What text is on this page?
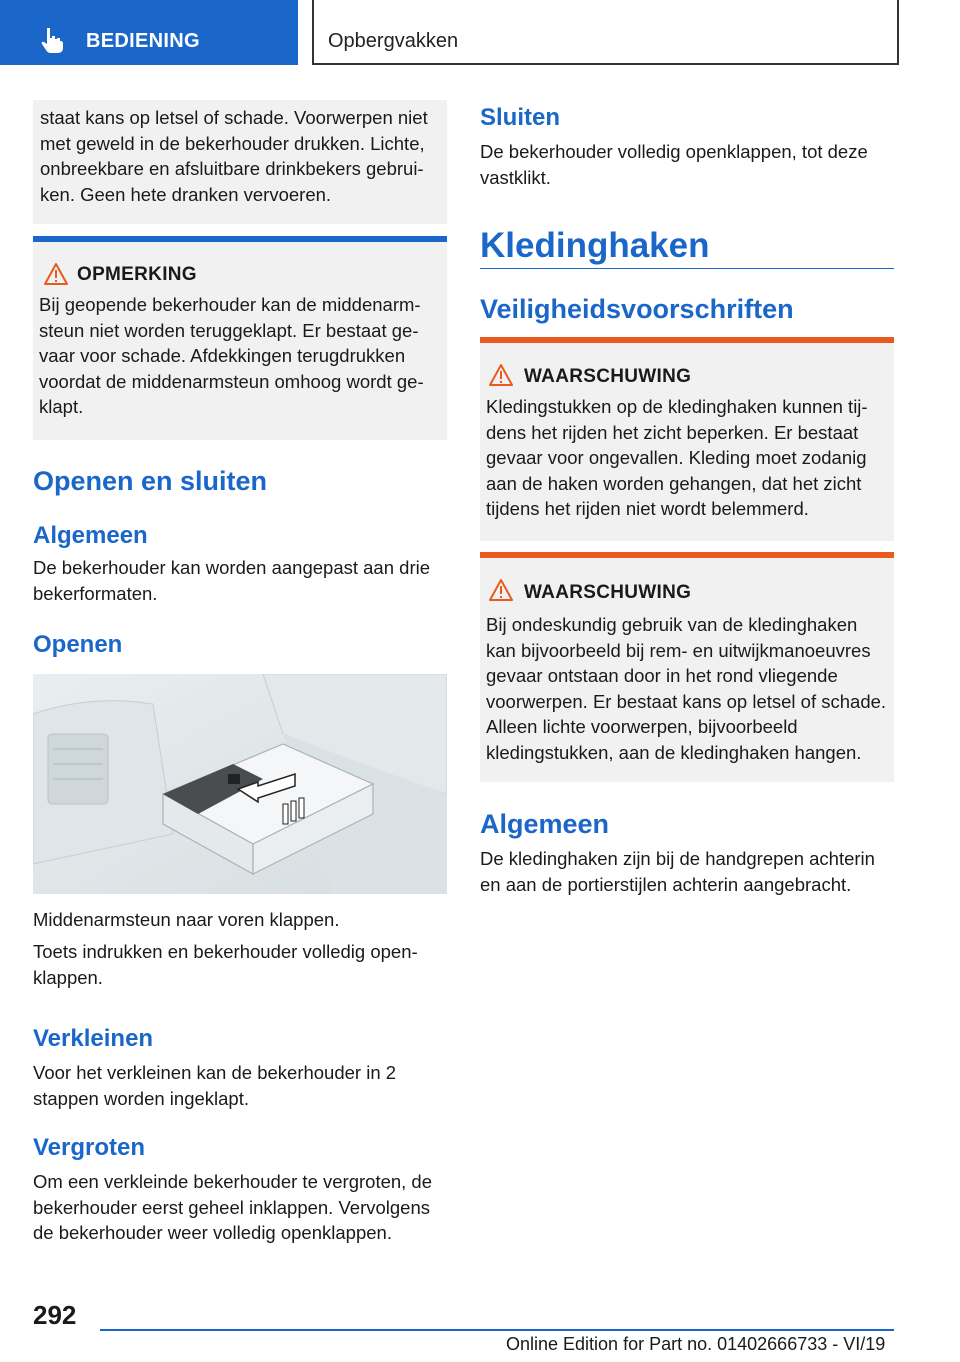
BEDIENING	Opbergvakken

staat kans op letsel of schade. Voorwerpen niet met geweld in de bekerhouder drukken. Lichte, onbreekbare en afsluitbare drinkbekers gebrui‐ken. Geen hete dranken vervoeren.

OPMERKING

Bij geopende bekerhouder kan de middenarm‐steun niet worden teruggeklapt. Er bestaat ge‐vaar voor schade. Afdekkingen terugdrukken voordat de middenarmsteun omhoog wordt ge‐klapt.

Openen en sluiten
Algemeen

De bekerhouder kan worden aangepast aan drie bekerformaten.

Openen

Middenarmsteun naar voren klappen.

Toets indrukken en bekerhouder volledig open‐klappen.

Verkleinen

Voor het verkleinen kan de bekerhouder in 2 stappen worden ingeklapt.

Vergroten

Om een verkleinde bekerhouder te vergroten, de bekerhouder eerst geheel inklappen. Vervolgens de bekerhouder weer volledig openklappen.

Sluiten

De bekerhouder volledig openklappen, tot deze vastklikt.

Kledinghaken
Veiligheidsvoorschriften
WAARSCHUWING

Kledingstukken op de kledinghaken kunnen tij‐dens het rijden het zicht beperken. Er bestaat gevaar voor ongevallen. Kleding moet zodanig aan de haken worden gehangen, dat het zicht tijdens het rijden niet wordt belemmerd.

WAARSCHUWING

Bij ondeskundig gebruik van de kledinghaken kan bijvoorbeeld bij rem- en uitwijkmanoeuvres gevaar ontstaan door in het rond vliegende voorwerpen. Er bestaat kans op letsel of schade. Alleen lichte voorwerpen, bijvoorbeeld kledingstukken, aan de kledinghaken hangen.

Algemeen

De kledinghaken zijn bij de handgrepen achterin en aan de portierstijlen achterin aangebracht.

292
Online Edition for Part no. 01402666733 - VI/19
